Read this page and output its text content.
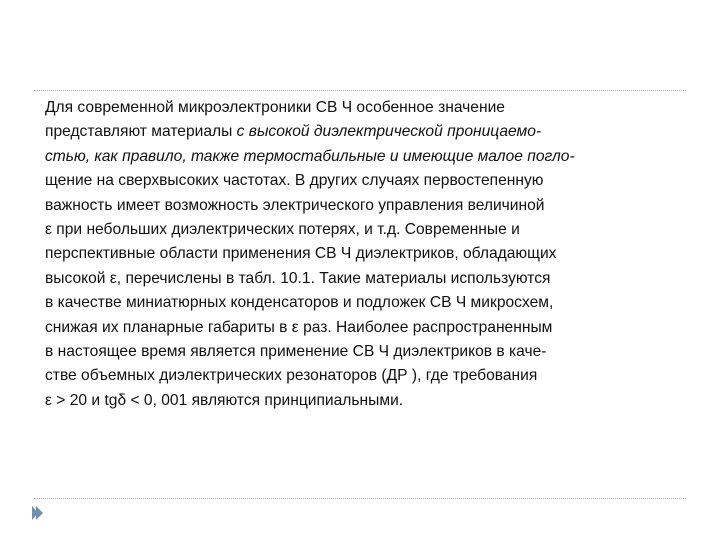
Для современной микроэлектроники СВ Ч особенное значение
представляют материалы с высокой диэлектрической проницаемо-
стью, как правило, также термостабильные и имеющие малое погло-
щение на сверхвысоких частотах. В других случаях первостепенную
важность имеет возможность электрического управления величиной
ε при небольших диэлектрических потерях, и т.д. Современные и
перспективные области применения СВ Ч диэлектриков, обладающих
высокой ε, перечислены в табл. 10.1. Такие материалы используются
в качестве миниатюрных конденсаторов и подложек СВ Ч микросхем,
снижая их планарные габариты в ε раз. Наиболее распространенным
в настоящее время является применение СВ Ч диэлектриков в каче-
стве объемных диэлектрических резонаторов (ДР ), где требования
ε > 20 и tgδ < 0, 001 являются принципиальными.
